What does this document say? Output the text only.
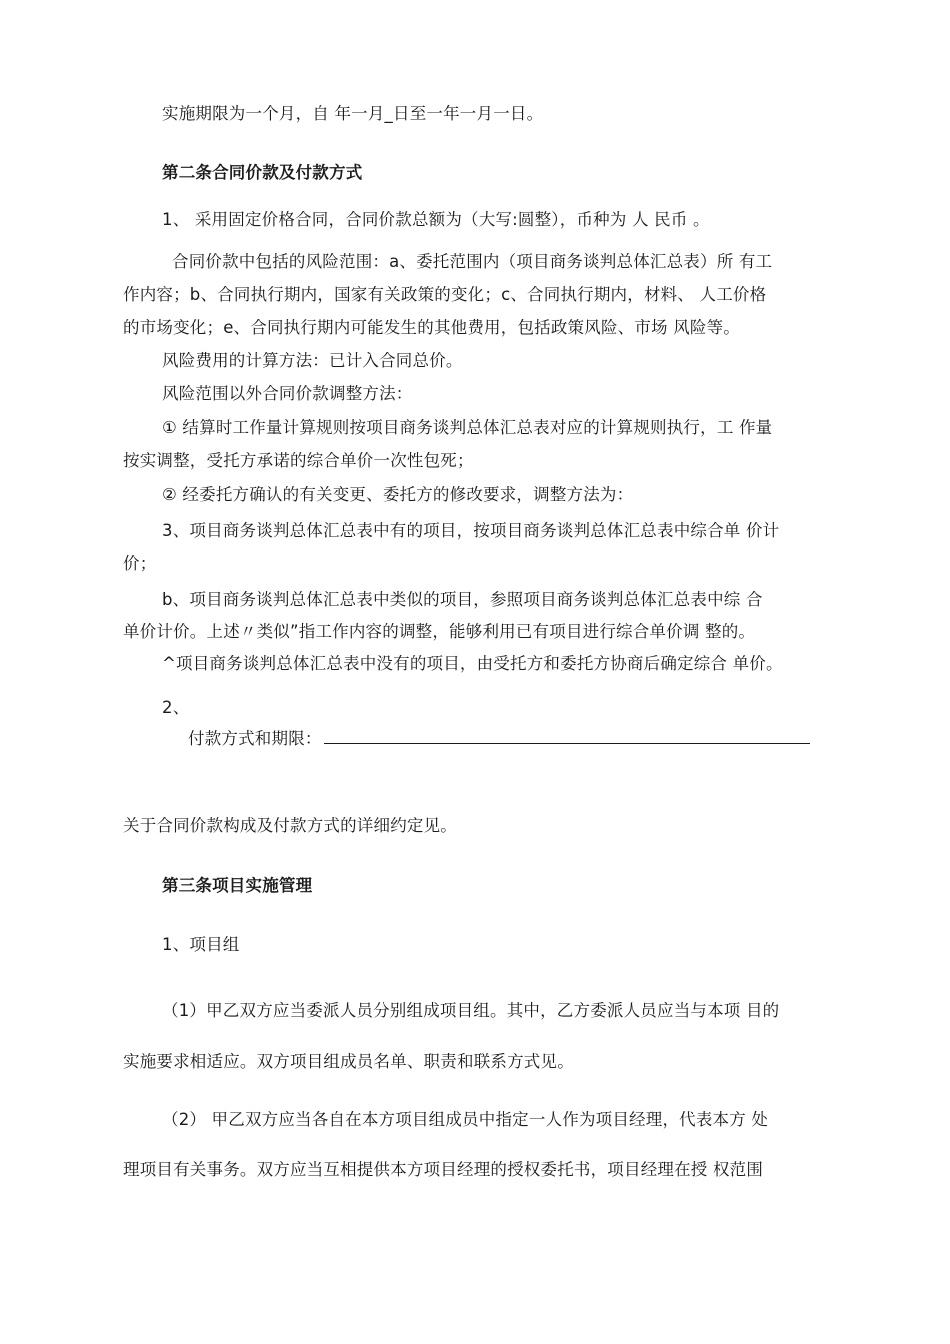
实施期限为一个月，自 年一月_日至一年一月一日。
第二条合同价款及付款方式
1、 采用固定价格合同，合同价款总额为（大写:圆整），币种为 人 民币 。
合同价款中包括的风险范围：a、委托范围内（项目商务谈判总体汇总表）所 有工
作内容；b、合同执行期内，国家有关政策的变化；c、合同执行期内，材料、 人工价格
的市场变化；e、合同执行期内可能发生的其他费用，包括政策风险、市场 风险等。
风险费用的计算方法：已计入合同总价。
风险范围以外合同价款调整方法：
① 结算时工作量计算规则按项目商务谈判总体汇总表对应的计算规则执行，工 作量
按实调整，受托方承诺的综合单价一次性包死；
② 经委托方确认的有关变更、委托方的修改要求，调整方法为：
3、项目商务谈判总体汇总表中有的项目，按项目商务谈判总体汇总表中综合单 价计
价；
b、项目商务谈判总体汇总表中类似的项目，参照项目商务谈判总体汇总表中综 合
单价计价。上述〃类似”指工作内容的调整，能够利用已有项目进行综合单价调 整的。
^项目商务谈判总体汇总表中没有的项目，由受托方和委托方协商后确定综合 单价。
2、
付款方式和期限：
关于合同价款构成及付款方式的详细约定见。
第三条项目实施管理
1、项目组
（1）甲乙双方应当委派人员分别组成项目组。其中，乙方委派人员应当与本项 目的
实施要求相适应。双方项目组成员名单、职责和联系方式见。
（2） 甲乙双方应当各自在本方项目组成员中指定一人作为项目经理，代表本方 处
理项目有关事务。双方应当互相提供本方项目经理的授权委托书，项目经理在授 权范围
